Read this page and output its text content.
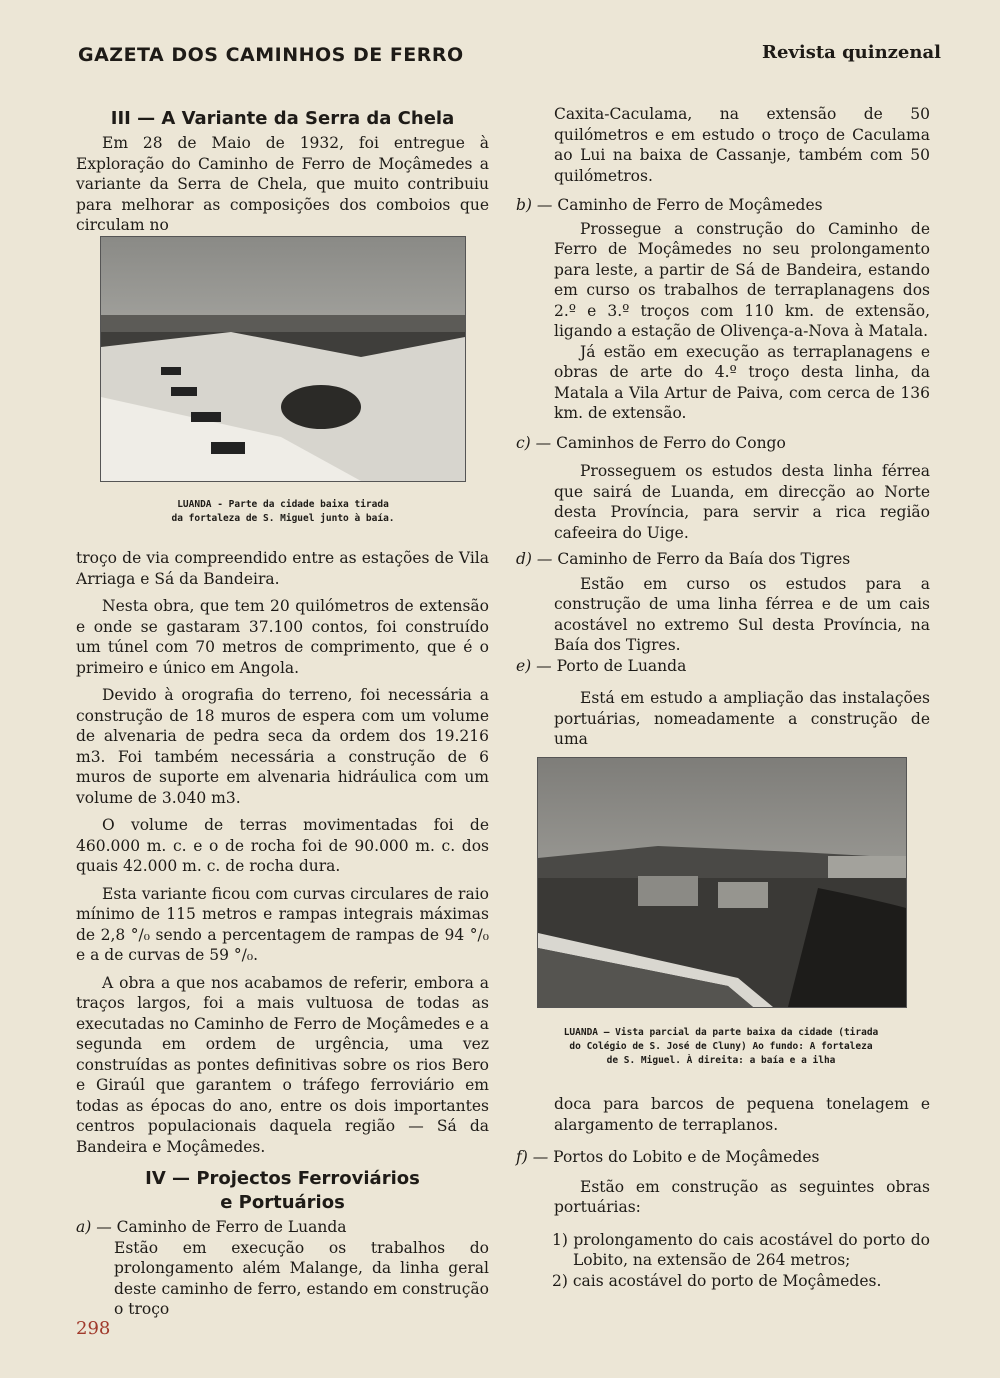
GAZETA DOS CAMINHOS DE FERRO	Revista quinzenal
III — A Variante da Serra da Chela

Em 28 de Maio de 1932, foi entregue à Exploração do Caminho de Ferro de Moçâmedes a variante da Serra de Chela, que muito contribuiu para melhorar as composições dos comboios que circulam no

LUANDA - Parte da cidade baixa tirada
da fortaleza de S. Miguel junto à baía.

troço de via compreendido entre as estações de Vila Arriaga e Sá da Bandeira.

Nesta obra, que tem 20 quilómetros de extensão e onde se gastaram 37.100 contos, foi construído um túnel com 70 metros de comprimento, que é o primeiro e único em Angola.

Devido à orografia do terreno, foi necessária a construção de 18 muros de espera com um volume de alvenaria de pedra seca da ordem dos 19.216 m3. Foi também necessária a construção de 6 muros de suporte em alvenaria hidráulica com um volume de 3.040 m3.

O volume de terras movimentadas foi de 460.000 m. c. e o de rocha foi de 90.000 m. c. dos quais 42.000 m. c. de rocha dura.

Esta variante ficou com curvas circulares de raio mínimo de 115 metros e rampas integrais máximas de 2,8 °/₀ sendo a percentagem de rampas de 94 °/₀ e a de curvas de 59 °/₀.

A obra a que nos acabamos de referir, embora a traços largos, foi a mais vultuosa de todas as executadas no Caminho de Ferro de Moçâmedes e a segunda em ordem de urgência, uma vez construídas as pontes definitivas sobre os rios Bero e Giraúl que garantem o tráfego ferroviário em todas as épocas do ano, entre os dois importantes centros populacionais daquela região — Sá da Bandeira e Moçâmedes.

IV — Projectos Ferroviários
e Portuários
a) — Caminho de Ferro de Luanda

Estão em execução os trabalhos do prolongamento além Malange, da linha geral deste caminho de ferro, estando em construção o troço

Caxita-Caculama, na extensão de 50 quilómetros e em estudo o troço de Caculama ao Lui na baixa de Cassanje, também com 50 quilómetros.

b) — Caminho de Ferro de Moçâmedes

Prossegue a construção do Caminho de Ferro de Moçâmedes no seu prolongamento para leste, a partir de Sá de Bandeira, estando em curso os trabalhos de terraplanagens dos 2.º e 3.º troços com 110 km. de extensão, ligando a estação de Olivença-a-Nova à Matala.

Já estão em execução as terraplanagens e obras de arte do 4.º troço desta linha, da Matala a Vila Artur de Paiva, com cerca de 136 km. de extensão.

c) — Caminhos de Ferro do Congo

Prosseguem os estudos desta linha férrea que sairá de Luanda, em direcção ao Norte desta Província, para servir a rica região cafeeira do Uige.

d) — Caminho de Ferro da Baía dos Tigres

Estão em curso os estudos para a construção de uma linha férrea e de um cais acostável no extremo Sul desta Província, na Baía dos Tigres.

e) — Porto de Luanda

Está em estudo a ampliação das instalações portuárias, nomeadamente a construção de uma

LUANDA — Vista parcial da parte baixa da cidade (tirada
do Colégio de S. José de Cluny) Ao fundo: A fortaleza
de S. Miguel. À direita: a baía e a ilha

doca para barcos de pequena tonelagem e alargamento de terraplanos.

f) — Portos do Lobito e de Moçâmedes

Estão em construção as seguintes obras portuárias:

1) prolongamento do cais acostável do porto do Lobito, na extensão de 264 metros;

2) cais acostável do porto de Moçâmedes.

298
